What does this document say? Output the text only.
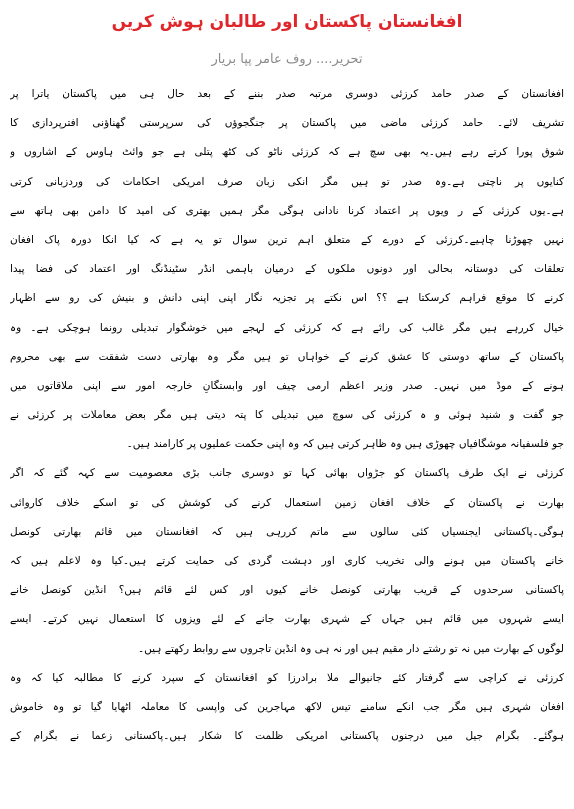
افغانستان پاکستان اور طالبان ہوش کریں
تحریر.... روف عامر پپا بریار
افغانستان کے صدر حامد کرزئی دوسری مرتبہ صدر بننے کے بعد حال ہی میں پاکستان یاترا پر
تشریف لائے۔ حامد کرزئی ماضی میں پاکستان پر جنگجوؤں کی سرپرستی گھناؤنی افترپردازی کا
شوق پورا کرتے رہے ہیں۔یہ بھی سچ ہے کہ کرزئی ناٹو کی کٹھ پتلی ہے جو وائٹ ہاوس کے اشاروں و
کنایوں پر ناچتی ہے۔وہ صدر تو ہیں مگر انکی زبان صرف امریکی احکامات کی وردزبانی کرتی
ہے۔یوں کرزئی کے ر ویوں پر اعتماد کرنا نادانی ہوگی مگر ہمیں بھتری کی امید کا دامن بھی ہاتھ سے
نہیں چھوڑنا چاہیے۔کرزئی کے دورے کے متعلق اہم ترین سوال تو یہ ہے کہ کیا انکا دورہ پاک افغان
تعلقات کی دوستانہ بحالی اور دونوں ملکوں کے درمیان باہمی انڈر سٹینڈنگ اور اعتماد کی فضا پیدا
کرنے کا موقع فراہم کرسکتا ہے ؟؟ اس نکتے پر تجزیہ نگار اپنی اپنی دانش و بنیش کی رو سے اظہار
خیال کررہے ہیں مگر غالب کی رائے ہے کہ کرزئی کے لہجے میں خوشگوار تبدیلی رونما ہوچکی ہے۔ وہ
پاکستان کے ساتھ دوستی کا عشق کرنے کے خواہاں تو ہیں مگر وہ بھارتی دست شفقت سے بھی محروم
ہونے کے موڈ میں نہیں۔ صدر وزیر اعظم ارمی چیف اور وابستگانِ خارجہ امور سے اپنی ملاقاتوں میں
جو گفت و شنید ہوئی و ہ کرزئی کی سوچ میں تبدیلی کا پتہ دیتی ہیں مگر بعض معاملات پر کرزئی نے
جو فلسفیانہ موشگافیاں چھوڑی ہیں وہ ظاہر کرتی ہیں کہ وہ اپنی حکمت عملیوں پر کارامند ہیں۔
کرزئی نے ایک طرف پاکستان کو جڑواں بھائی کہا تو دوسری جانب بڑی معصومیت سے کہہ گئے کہ اگر
بھارت نے پاکستان کے خلاف افغان زمین استعمال کرنے کی کوشش کی تو اسکے خلاف کاروائی
ہوگی۔پاکستانی ایجنسیاں کئی سالوں سے ماتم کررہی ہیں کہ افغانستان میں قائم بھارتی کونصل
خانے پاکستان میں ہونے والی تخریب کاری اور دہشت گردی کی حمایت کرتے ہیں۔کیا وہ لاعلم ہیں کہ
پاکستانی سرحدوں کے قریب بھارتی کونصل خانے کیوں اور کس لئے قائم ہیں؟ انڈین کونصل خانے
ایسے شہروں میں قائم ہیں جہاں کے شہری بھارت جانے کے لئے ویزوں کا استعمال نہیں کرتے۔ ایسے
لوگوں کے بھارت میں نہ تو رشتے دار مقیم ہیں اور نہ ہی وہ انڈین تاجروں سے روابط رکھتے ہیں۔
کرزئی نے کراچی سے گرفتار کئے جانیوالے ملا برادرزا کو افغانستان کے سپرد کرنے کا مطالبہ کیا کہ وہ
افغان شہری ہیں مگر جب انکے سامنے تیس لاکھ مہاجرین کی واپسی کا معاملہ اٹھایا گیا تو وہ خاموش
ہوگئے۔ بگرام جیل میں درجنوں پاکستانی امریکی ظلمت کا شکار ہیں۔پاکستانی زعما نے بگرام کے
